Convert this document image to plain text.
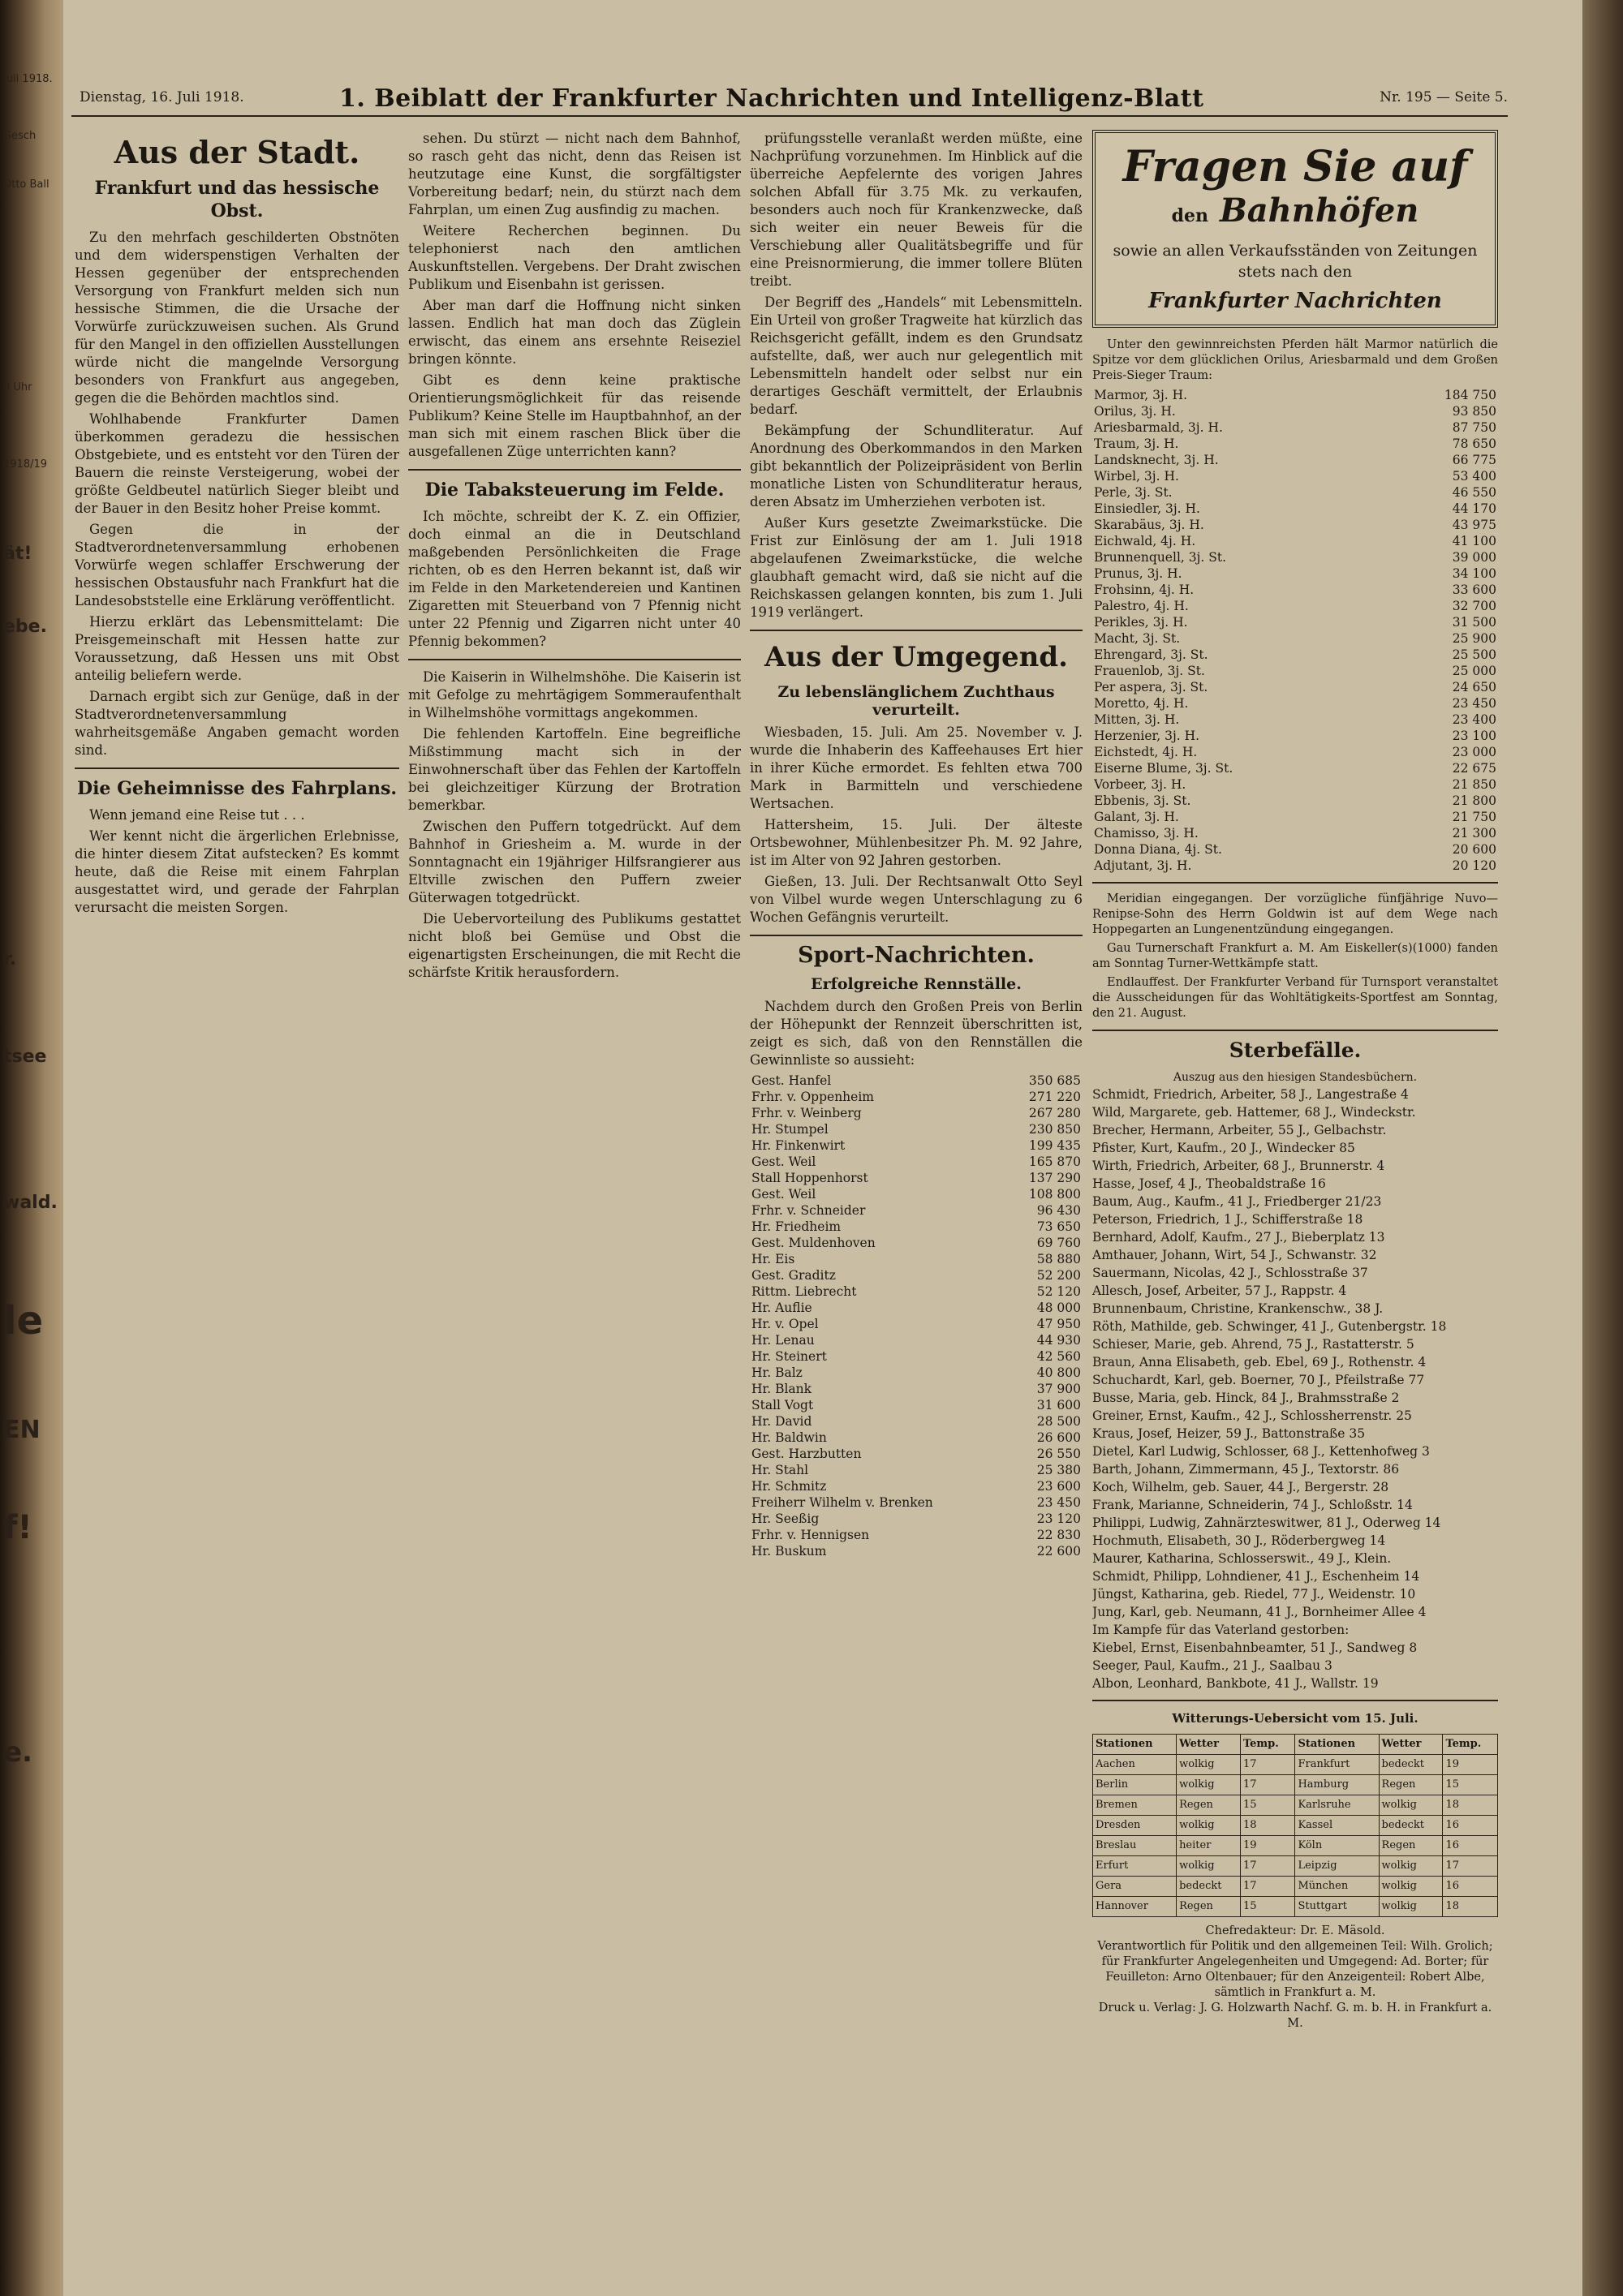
Juli 1918.
Gesch
Otto Ball
8 Uhr
1918/19
ät!
ebe.
r.
tsee
wald.
le
EN
f!
e.
Dienstag, 16. Juli 1918.	1. Beiblatt der Frankfurter Nachrichten und Intelligenz-Blatt	Nr. 195 — Seite 5.
Aus der Stadt.
Frankfurt und das hessische Obst.

Zu den mehrfach geschilderten Obstnöten und dem widerspenstigen Verhalten der Hessen gegenüber der entsprechenden Versorgung von Frankfurt melden sich nun hessische Stimmen, die die Ursache der Vorwürfe zurückzuweisen suchen. Als Grund für den Mangel in den offiziellen Ausstellungen würde nicht die mangelnde Versorgung besonders von Frankfurt aus angegeben, gegen die die Behörden machtlos sind.

Wohlhabende Frankfurter Damen überkommen geradezu die hessischen Obstgebiete, und es entsteht vor den Türen der Bauern die reinste Versteigerung, wobei der größte Geldbeutel natürlich Sieger bleibt und der Bauer in den Besitz hoher Preise kommt.

Gegen die in der Stadtverordnetenversammlung erhobenen Vorwürfe wegen schlaffer Erschwerung der hessischen Obstausfuhr nach Frankfurt hat die Landesobststelle eine Erklärung veröffentlicht.

Hierzu erklärt das Lebensmittelamt: Die Preisgemeinschaft mit Hessen hatte zur Voraussetzung, daß Hessen uns mit Obst anteilig beliefern werde.

Darnach ergibt sich zur Genüge, daß in der Stadtverordnetenversammlung wahrheitsgemäße Angaben gemacht worden sind.

Die Geheimnisse des Fahrplans.

Wenn jemand eine Reise tut . . .

Wer kennt nicht die ärgerlichen Erlebnisse, die hinter diesem Zitat aufstecken? Es kommt heute, daß die Reise mit einem Fahrplan ausgestattet wird, und gerade der Fahrplan verursacht die meisten Sorgen.

sehen. Du stürzt — nicht nach dem Bahnhof, so rasch geht das nicht, denn das Reisen ist heutzutage eine Kunst, die sorgfältigster Vorbereitung bedarf; nein, du stürzt nach dem Fahrplan, um einen Zug ausfindig zu machen.

Weitere Recherchen beginnen. Du telephonierst nach den amtlichen Auskunftstellen. Vergebens. Der Draht zwischen Publikum und Eisenbahn ist gerissen.

Aber man darf die Hoffnung nicht sinken lassen. Endlich hat man doch das Züglein erwischt, das einem ans ersehnte Reiseziel bringen könnte.

Gibt es denn keine praktische Orientierungsmöglichkeit für das reisende Publikum? Keine Stelle im Hauptbahnhof, an der man sich mit einem raschen Blick über die ausgefallenen Züge unterrichten kann?

Die Tabaksteuerung im Felde.

Ich möchte, schreibt der K. Z. ein Offizier, doch einmal an die in Deutschland maßgebenden Persönlichkeiten die Frage richten, ob es den Herren bekannt ist, daß wir im Felde in den Marketendereien und Kantinen Zigaretten mit Steuerband von 7 Pfennig nicht unter 22 Pfennig und Zigarren nicht unter 40 Pfennig bekommen?

Die Kaiserin in Wilhelmshöhe. Die Kaiserin ist mit Gefolge zu mehrtägigem Sommeraufenthalt in Wilhelmshöhe vormittags angekommen.

Die fehlenden Kartoffeln. Eine begreifliche Mißstimmung macht sich in der Einwohnerschaft über das Fehlen der Kartoffeln bei gleichzeitiger Kürzung der Brotration bemerkbar.

Zwischen den Puffern totgedrückt. Auf dem Bahnhof in Griesheim a. M. wurde in der Sonntagnacht ein 19jähriger Hilfsrangierer aus Eltville zwischen den Puffern zweier Güterwagen totgedrückt.

Die Uebervorteilung des Publikums gestattet nicht bloß bei Gemüse und Obst die eigenartigsten Erscheinungen, die mit Recht die schärfste Kritik herausfordern.

prüfungsstelle veranlaßt werden müßte, eine Nachprüfung vorzunehmen. Im Hinblick auf die überreiche Aepfelernte des vorigen Jahres solchen Abfall für 3.75 Mk. zu verkaufen, besonders auch noch für Krankenzwecke, daß sich weiter ein neuer Beweis für die Verschiebung aller Qualitätsbegriffe und für eine Preisnormierung, die immer tollere Blüten treibt.

Der Begriff des „Handels“ mit Lebensmitteln. Ein Urteil von großer Tragweite hat kürzlich das Reichsgericht gefällt, indem es den Grundsatz aufstellte, daß, wer auch nur gelegentlich mit Lebensmitteln handelt oder selbst nur ein derartiges Geschäft vermittelt, der Erlaubnis bedarf.

Bekämpfung der Schundliteratur. Auf Anordnung des Oberkommandos in den Marken gibt bekanntlich der Polizeipräsident von Berlin monatliche Listen von Schundliteratur heraus, deren Absatz im Umherziehen verboten ist.

Außer Kurs gesetzte Zweimarkstücke. Die Frist zur Einlösung der am 1. Juli 1918 abgelaufenen Zweimarkstücke, die welche glaubhaft gemacht wird, daß sie nicht auf die Reichskassen gelangen konnten, bis zum 1. Juli 1919 verlängert.

Aus der Umgegend.
Zu lebenslänglichem Zuchthaus verurteilt.

Wiesbaden, 15. Juli. Am 25. November v. J. wurde die Inhaberin des Kaffeehauses Ert hier in ihrer Küche ermordet. Es fehlten etwa 700 Mark in Barmitteln und verschiedene Wertsachen.

Hattersheim, 15. Juli. Der älteste Ortsbewohner, Mühlenbesitzer Ph. M. 92 Jahre, ist im Alter von 92 Jahren gestorben.

Gießen, 13. Juli. Der Rechtsanwalt Otto Seyl von Vilbel wurde wegen Unterschlagung zu 6 Wochen Gefängnis verurteilt.

Sport-Nachrichten.
Erfolgreiche Rennställe.

Nachdem durch den Großen Preis von Berlin der Höhepunkt der Rennzeit überschritten ist, zeigt es sich, daß von den Rennställen die Gewinnliste so aussieht:

Gest. Hanfel	350 685
Frhr. v. Oppenheim	271 220
Frhr. v. Weinberg	267 280
Hr. Stumpel	230 850
Hr. Finkenwirt	199 435
Gest. Weil	165 870
Stall Hoppenhorst	137 290
Gest. Weil	108 800
Frhr. v. Schneider	96 430
Hr. Friedheim	73 650
Gest. Muldenhoven	69 760
Hr. Eis	58 880
Gest. Graditz	52 200
Rittm. Liebrecht	52 120
Hr. Auflie	48 000
Hr. v. Opel	47 950
Hr. Lenau	44 930
Hr. Steinert	42 560
Hr. Balz	40 800
Hr. Blank	37 900
Stall Vogt	31 600
Hr. David	28 500
Hr. Baldwin	26 600
Gest. Harzbutten	26 550
Hr. Stahl	25 380
Hr. Schmitz	23 600
Freiherr Wilhelm v. Brenken	23 450
Hr. Seeßig	23 120
Frhr. v. Hennigsen	22 830
Hr. Buskum	22 600
Fragen Sie auf
den Bahnhöfen
sowie an allen Verkaufsständen von Zeitungen stets nach den
Frankfurter Nachrichten

Unter den gewinnreichsten Pferden hält Marmor natürlich die Spitze vor dem glücklichen Orilus, Ariesbarmald und dem Großen Preis-Sieger Traum:

Marmor, 3j. H.	184 750
Orilus, 3j. H.	93 850
Ariesbarmald, 3j. H.	87 750
Traum, 3j. H.	78 650
Landsknecht, 3j. H.	66 775
Wirbel, 3j. H.	53 400
Perle, 3j. St.	46 550
Einsiedler, 3j. H.	44 170
Skarabäus, 3j. H.	43 975
Eichwald, 4j. H.	41 100
Brunnenquell, 3j. St.	39 000
Prunus, 3j. H.	34 100
Frohsinn, 4j. H.	33 600
Palestro, 4j. H.	32 700
Perikles, 3j. H.	31 500
Macht, 3j. St.	25 900
Ehrengard, 3j. St.	25 500
Frauenlob, 3j. St.	25 000
Per aspera, 3j. St.	24 650
Moretto, 4j. H.	23 450
Mitten, 3j. H.	23 400
Herzenier, 3j. H.	23 100
Eichstedt, 4j. H.	23 000
Eiserne Blume, 3j. St.	22 675
Vorbeer, 3j. H.	21 850
Ebbenis, 3j. St.	21 800
Galant, 3j. H.	21 750
Chamisso, 3j. H.	21 300
Donna Diana, 4j. St.	20 600
Adjutant, 3j. H.	20 120

Meridian eingegangen. Der vorzügliche fünfjährige Nuvo—Renipse-Sohn des Herrn Goldwin ist auf dem Wege nach Hoppegarten an Lungenentzündung eingegangen.

Gau Turnerschaft Frankfurt a. M. Am Eiskeller(s)(1000) fanden am Sonntag Turner-Wettkämpfe statt.

Endlauffest. Der Frankfurter Verband für Turnsport veranstaltet die Ausscheidungen für das Wohltätigkeits-Sportfest am Sonntag, den 21. August.

Sterbefälle.
Auszug aus den hiesigen Standesbüchern.

Schmidt, Friedrich, Arbeiter, 58 J., Langestraße 4

Wild, Margarete, geb. Hattemer, 68 J., Windeckstr.

Brecher, Hermann, Arbeiter, 55 J., Gelbachstr.

Pfister, Kurt, Kaufm., 20 J., Windecker 85

Wirth, Friedrich, Arbeiter, 68 J., Brunnerstr. 4

Hasse, Josef, 4 J., Theobaldstraße 16

Baum, Aug., Kaufm., 41 J., Friedberger 21/23

Peterson, Friedrich, 1 J., Schifferstraße 18

Bernhard, Adolf, Kaufm., 27 J., Bieberplatz 13

Amthauer, Johann, Wirt, 54 J., Schwanstr. 32

Sauermann, Nicolas, 42 J., Schlosstraße 37

Allesch, Josef, Arbeiter, 57 J., Rappstr. 4

Brunnenbaum, Christine, Krankenschw., 38 J.

Röth, Mathilde, geb. Schwinger, 41 J., Gutenbergstr. 18

Schieser, Marie, geb. Ahrend, 75 J., Rastatterstr. 5

Braun, Anna Elisabeth, geb. Ebel, 69 J., Rothenstr. 4

Schuchardt, Karl, geb. Boerner, 70 J., Pfeilstraße 77

Busse, Maria, geb. Hinck, 84 J., Brahmsstraße 2

Greiner, Ernst, Kaufm., 42 J., Schlossherrenstr. 25

Kraus, Josef, Heizer, 59 J., Battonstraße 35

Dietel, Karl Ludwig, Schlosser, 68 J., Kettenhofweg 3

Barth, Johann, Zimmermann, 45 J., Textorstr. 86

Koch, Wilhelm, geb. Sauer, 44 J., Bergerstr. 28

Frank, Marianne, Schneiderin, 74 J., Schloßstr. 14

Philippi, Ludwig, Zahnärzteswitwer, 81 J., Oderweg 14

Hochmuth, Elisabeth, 30 J., Röderbergweg 14

Maurer, Katharina, Schlosserswit., 49 J., Klein.

Schmidt, Philipp, Lohndiener, 41 J., Eschenheim 14

Jüngst, Katharina, geb. Riedel, 77 J., Weidenstr. 10

Jung, Karl, geb. Neumann, 41 J., Bornheimer Allee 4

Im Kampfe für das Vaterland gestorben:

Kiebel, Ernst, Eisenbahnbeamter, 51 J., Sandweg 8

Seeger, Paul, Kaufm., 21 J., Saalbau 3

Albon, Leonhard, Bankbote, 41 J., Wallstr. 19

Witterungs-Uebersicht vom 15. Juli.
Stationen	Wetter	Temp.	Stationen	Wetter	Temp.
Aachen	wolkig	17	Frankfurt	bedeckt	19
Berlin	wolkig	17	Hamburg	Regen	15
Bremen	Regen	15	Karlsruhe	wolkig	18
Dresden	wolkig	18	Kassel	bedeckt	16
Breslau	heiter	19	Köln	Regen	16
Erfurt	wolkig	17	Leipzig	wolkig	17
Gera	bedeckt	17	München	wolkig	16
Hannover	Regen	15	Stuttgart	wolkig	18
Chefredakteur: Dr. E. Mäsold.
Verantwortlich für Politik und den allgemeinen Teil: Wilh. Grolich; für Frankfurter Angelegenheiten und Umgegend: Ad. Borter; für Feuilleton: Arno Oltenbauer; für den Anzeigenteil: Robert Albe, sämtlich in Frankfurt a. M.
Druck u. Verlag: J. G. Holzwarth Nachf. G. m. b. H. in Frankfurt a. M.
